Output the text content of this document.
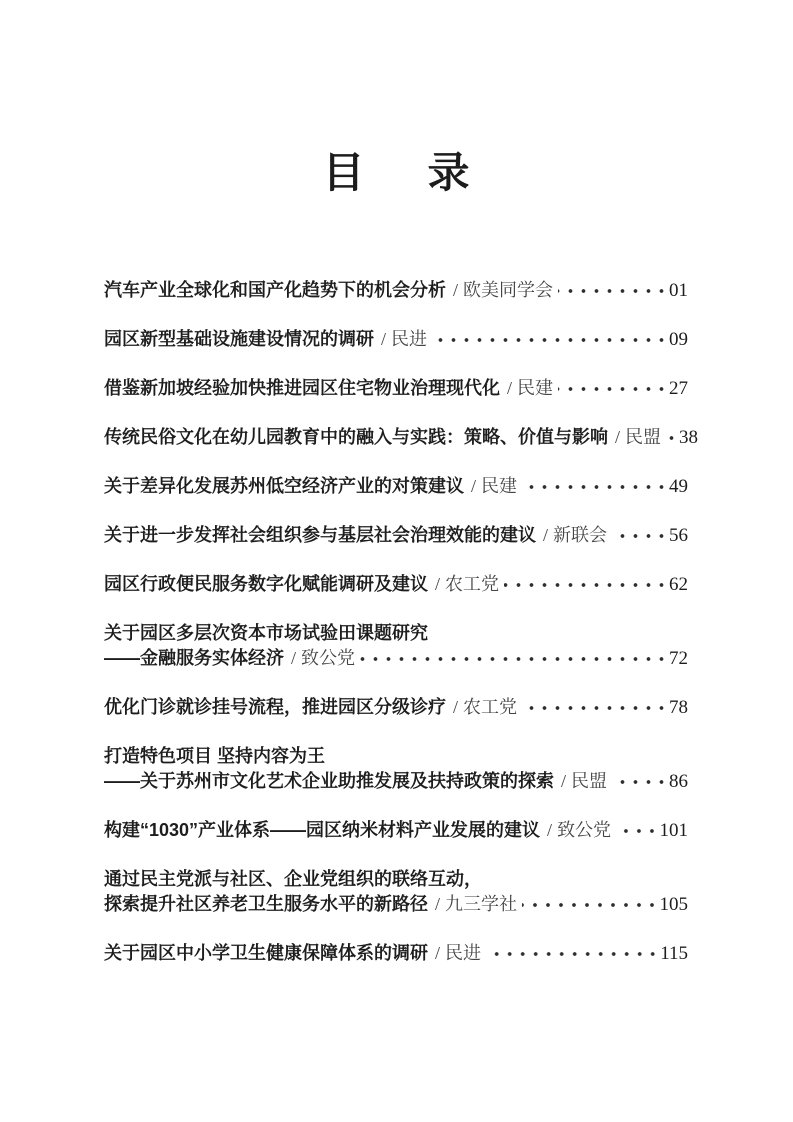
目录
汽车产业全球化和国产化趋势下的机会分析 / 欧美同学会	01
园区新型基础设施建设情况的调研 / 民进	09
借鉴新加坡经验加快推进园区住宅物业治理现代化 / 民建	27
传统民俗文化在幼儿园教育中的融入与实践：策略、价值与影响 / 民盟 38
关于差异化发展苏州低空经济产业的对策建议 / 民建	49
关于进一步发挥社会组织参与基层社会治理效能的建议 / 新联会	56
园区行政便民服务数字化赋能调研及建议 / 农工党	62
关于园区多层次资本市场试验田课题研究
——金融服务实体经济 / 致公党	72
优化门诊就诊挂号流程，推进园区分级诊疗 / 农工党	78
打造特色项目 坚持内容为王
——关于苏州市文化艺术企业助推发展及扶持政策的探索 / 民盟	86
构建“1030”产业体系——园区纳米材料产业发展的建议 / 致公党	101
通过民主党派与社区、企业党组织的联络互动，
探索提升社区养老卫生服务水平的新路径 / 九三学社	105
关于园区中小学卫生健康保障体系的调研 / 民进	115
